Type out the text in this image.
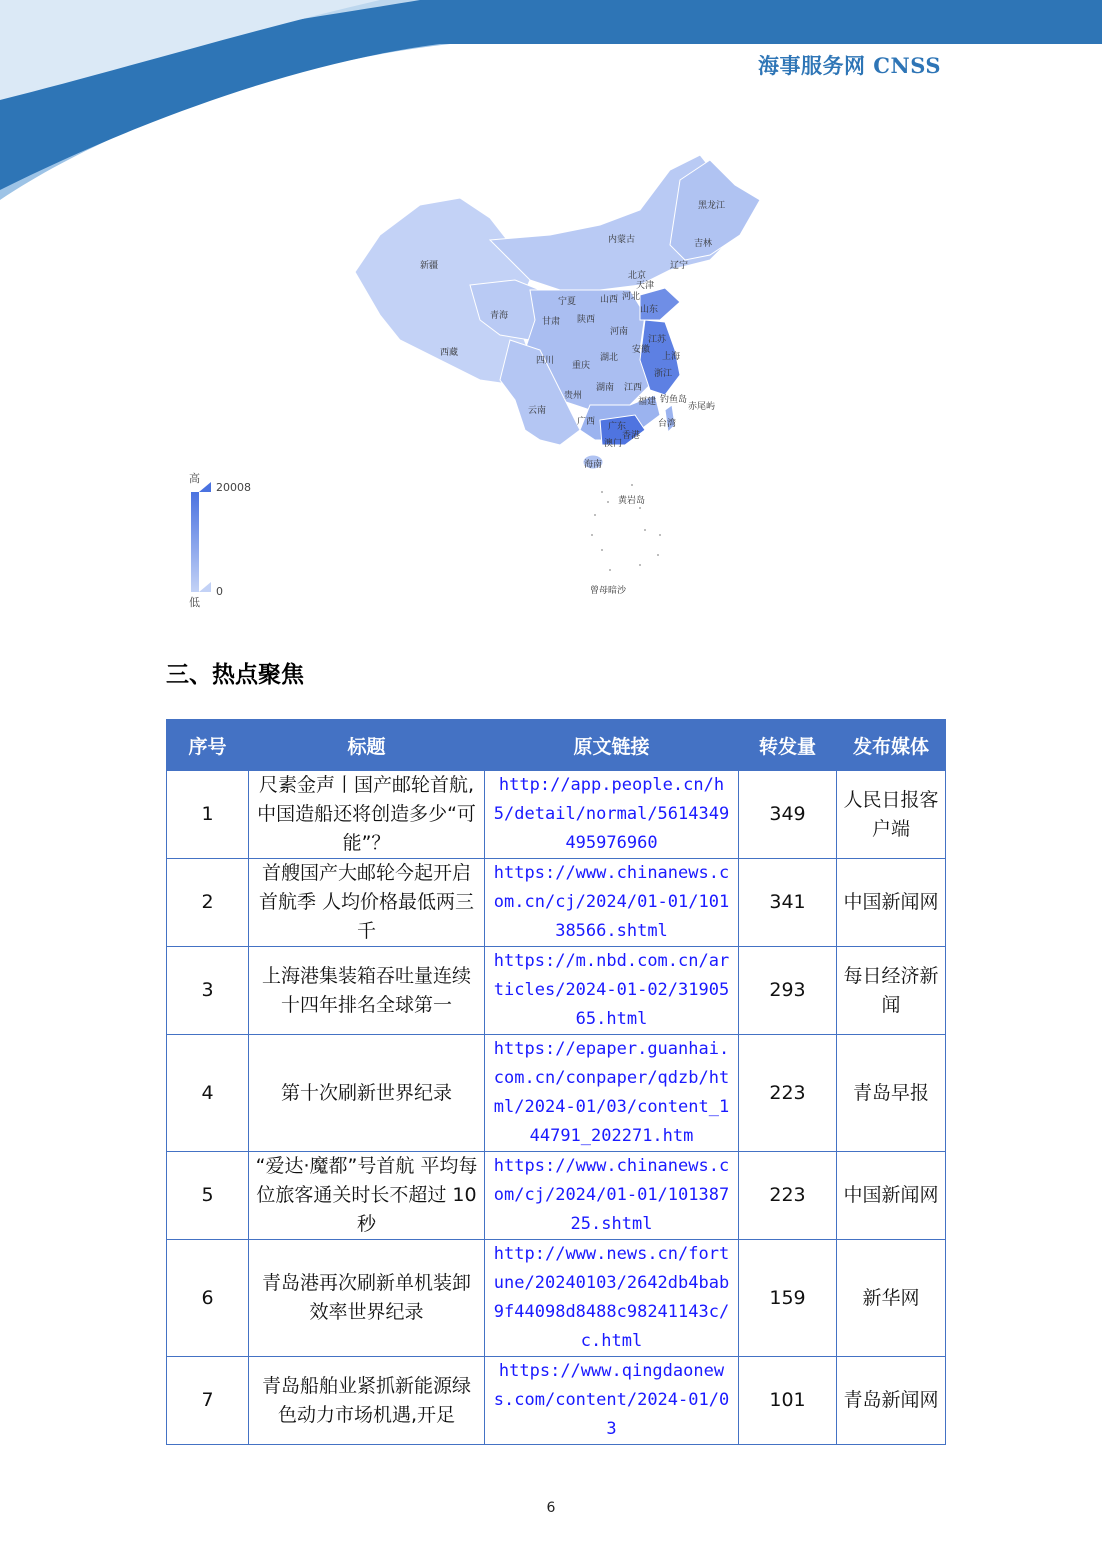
海事服务网 CNSS
黑龙江
吉林
辽宁
内蒙古
新疆
北京
天津
河北
山西
宁夏
青海
甘肃 陕西
山东
河南
江苏
安徽
上海
西藏
四川 重庆
湖北
浙江
贵州
湖南 江西
云南
福建 钓鱼岛
赤尾屿
广西 广东
香港
台湾
澳门
海南
黄岩岛
曾母暗沙
高
20008
0
低
三、热点聚焦
序号	标题	原文链接	转发量	发布媒体
1	尺素金声丨国产邮轮首航,中国造船还将创造多少“可能”？	http://app.people.cn/h5/detail/normal/5614349495976960	349	人民日报客户端
2	首艘国产大邮轮今起开启首航季 人均价格最低两三千	https://www.chinanews.com.cn/cj/2024/01-01/10138566.shtml	341	中国新闻网
3	上海港集装箱吞吐量连续十四年排名全球第一	https://m.nbd.com.cn/articles/2024-01-02/3190565.html	293	每日经济新闻
4	第十次刷新世界纪录	https://epaper.guanhai.com.cn/conpaper/qdzb/html/2024-01/03/content_144791_202271.htm	223	青岛早报
5	“爱达·魔都”号首航 平均每位旅客通关时长不超过 10 秒	https://www.chinanews.com/cj/2024/01-01/10138725.shtml	223	中国新闻网
6	青岛港再次刷新单机装卸效率世界纪录	http://www.news.cn/fortune/20240103/2642db4bab9f44098d8488c98241143c/c.html	159	新华网
7	青岛船舶业紧抓新能源绿色动力市场机遇,开足	https://www.qingdaonews.com/content/2024-01/03	101	青岛新闻网
6
